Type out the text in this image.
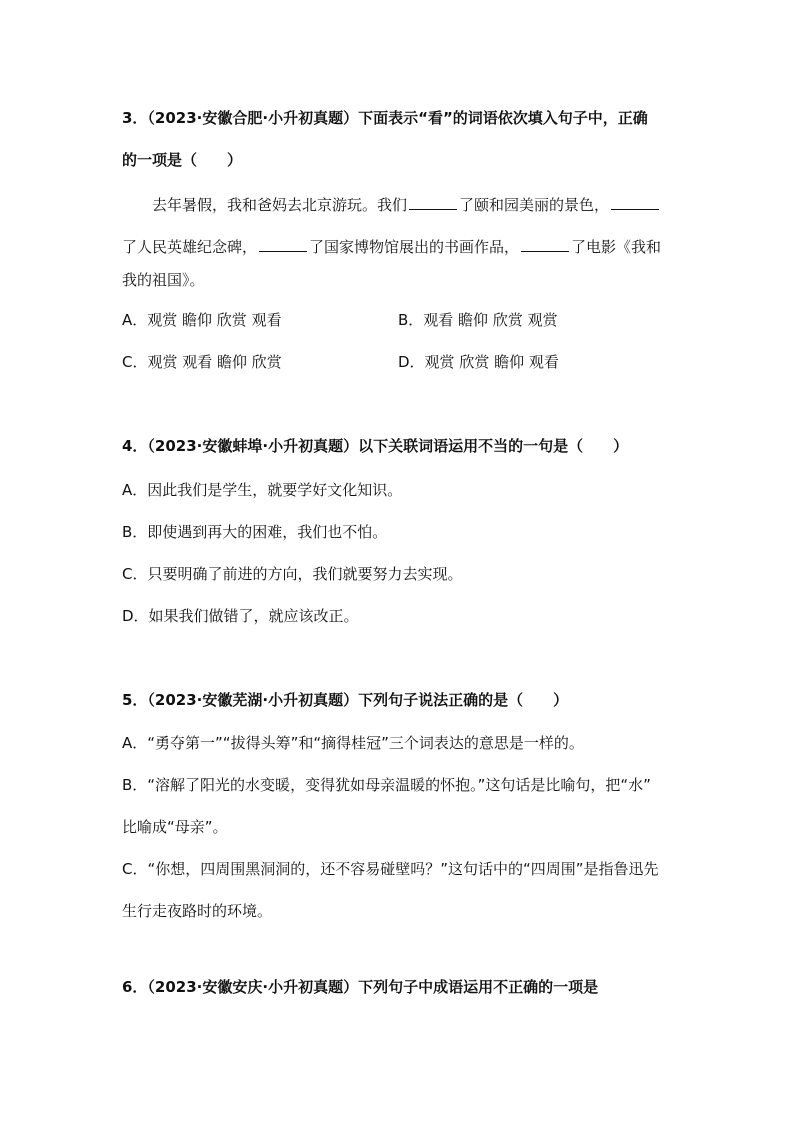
3．（2023·安徽合肥·小升初真题）下面表示“看”的词语依次填入句子中，正确
的一项是（　　）
去年暑假，我和爸妈去北京游玩。我们	了颐和园美丽的景色，
了人民英雄纪念碑，	了国家博物馆展出的书画作品，	了电影《我和
我的祖国》。
A．观赏 瞻仰 欣赏 观看	B．观看 瞻仰 欣赏 观赏
C．观赏 观看 瞻仰 欣赏	D．观赏 欣赏 瞻仰 观看
4．（2023·安徽蚌埠·小升初真题）以下关联词语运用不当的一句是（　　）
A．因此我们是学生，就要学好文化知识。
B．即使遇到再大的困难，我们也不怕。
C．只要明确了前进的方向，我们就要努力去实现。
D．如果我们做错了，就应该改正。
5．（2023·安徽芜湖·小升初真题）下列句子说法正确的是（　　）
A．“勇夺第一”“拔得头筹”和“摘得桂冠”三个词表达的意思是一样的。
B．“溶解了阳光的水变暖，变得犹如母亲温暖的怀抱。”这句话是比喻句，把“水”
比喻成“母亲”。
C．“你想，四周围黑洞洞的，还不容易碰壁吗？”这句话中的“四周围”是指鲁迅先
生行走夜路时的环境。
6．（2023·安徽安庆·小升初真题）下列句子中成语运用不正确的一项是
